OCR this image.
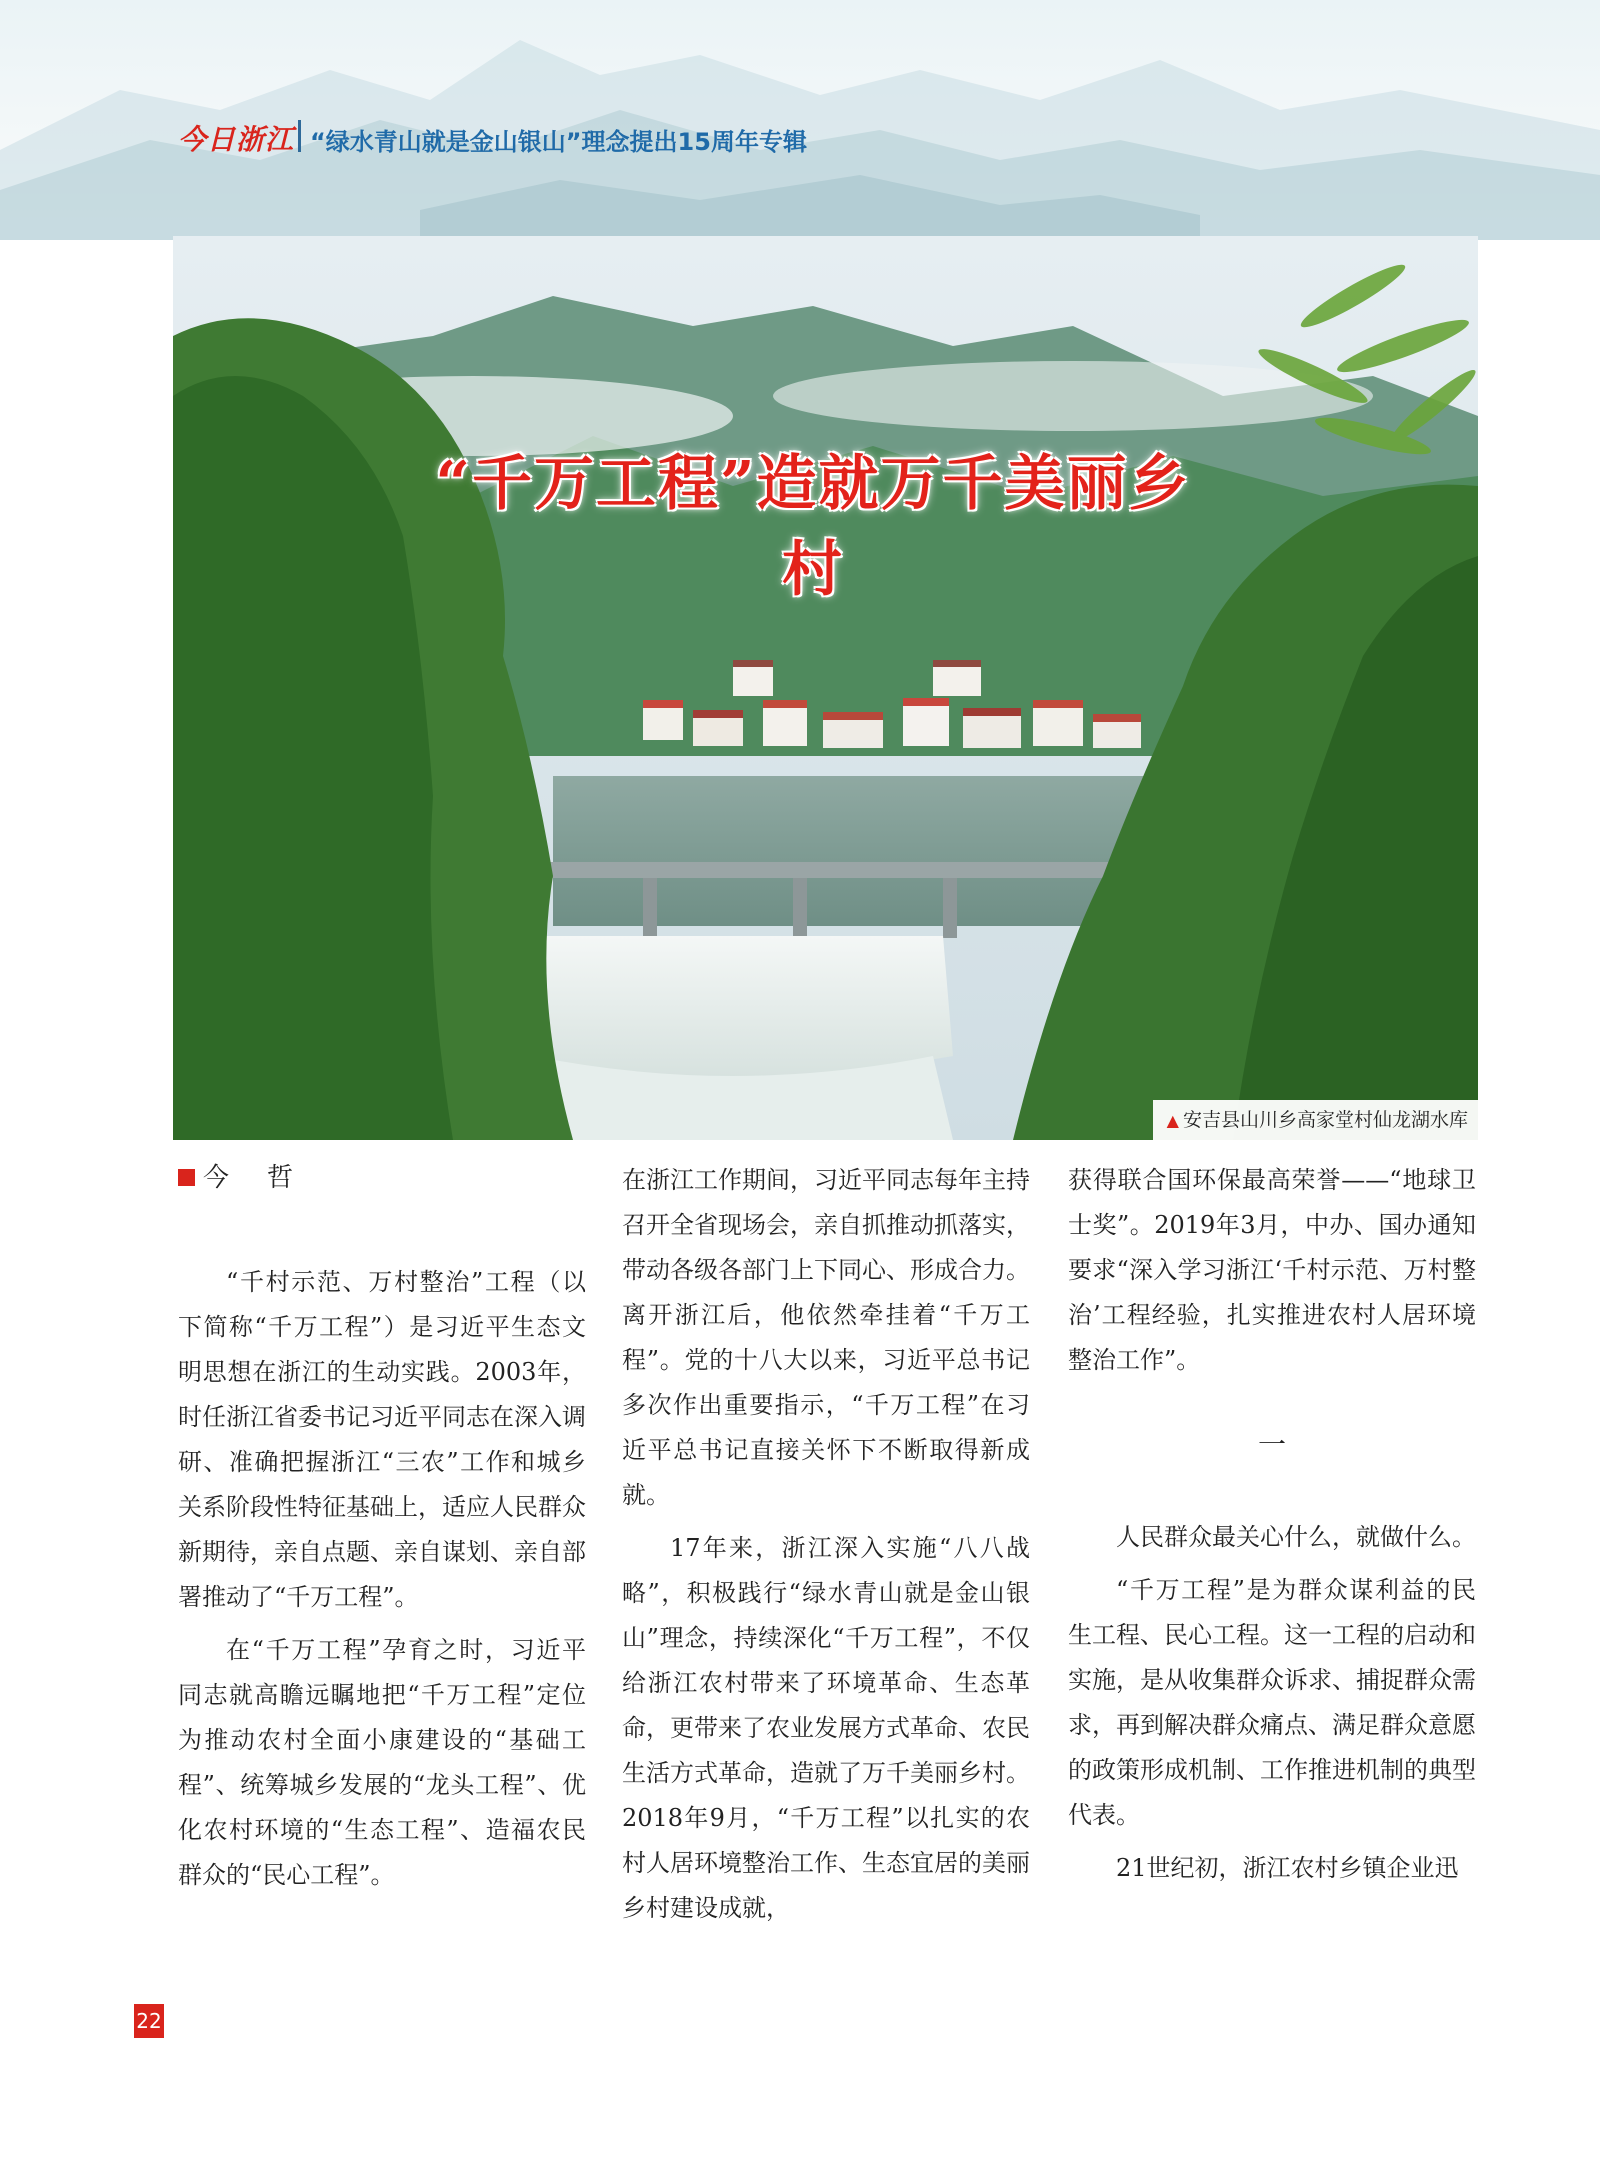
今日浙江 “绿水青山就是金山银山”理念提出15周年专辑
“千万工程”造就万千美丽乡村
▲ 安吉县山川乡高家堂村仙龙湖水库
今　哲

“千村示范、万村整治”工程（以下简称“千万工程”）是习近平生态文明思想在浙江的生动实践。2003年，时任浙江省委书记习近平同志在深入调研、准确把握浙江“三农”工作和城乡关系阶段性特征基础上，适应人民群众新期待，亲自点题、亲自谋划、亲自部署推动了“千万工程”。

在“千万工程”孕育之时，习近平同志就高瞻远瞩地把“千万工程”定位为推动农村全面小康建设的“基础工程”、统筹城乡发展的“龙头工程”、优化农村环境的“生态工程”、造福农民群众的“民心工程”。

在浙江工作期间，习近平同志每年主持召开全省现场会，亲自抓推动抓落实，带动各级各部门上下同心、形成合力。离开浙江后，他依然牵挂着“千万工程”。党的十八大以来，习近平总书记多次作出重要指示，“千万工程”在习近平总书记直接关怀下不断取得新成就。

17年来，浙江深入实施“八八战略”，积极践行“绿水青山就是金山银山”理念，持续深化“千万工程”，不仅给浙江农村带来了环境革命、生态革命，更带来了农业发展方式革命、农民生活方式革命，造就了万千美丽乡村。2018年9月，“千万工程”以扎实的农村人居环境整治工作、生态宜居的美丽乡村建设成就，

获得联合国环保最高荣誉——“地球卫士奖”。2019年3月，中办、国办通知要求“深入学习浙江‘千村示范、万村整治’工程经验，扎实推进农村人居环境整治工作”。

一

人民群众最关心什么，就做什么。

“千万工程”是为群众谋利益的民生工程、民心工程。这一工程的启动和实施，是从收集群众诉求、捕捉群众需求，再到解决群众痛点、满足群众意愿的政策形成机制、工作推进机制的典型代表。

21世纪初，浙江农村乡镇企业迅

22
